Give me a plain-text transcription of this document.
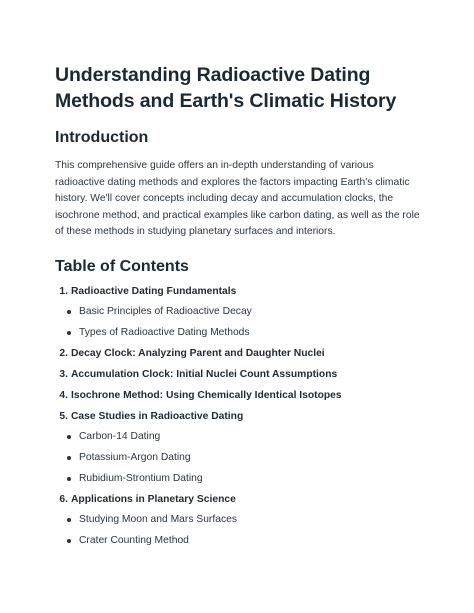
Understanding Radioactive Dating Methods and Earth's Climatic History
Introduction

This comprehensive guide offers an in-depth understanding of various radioactive dating methods and explores the factors impacting Earth's climatic history. We'll cover concepts including decay and accumulation clocks, the isochrone method, and practical examples like carbon dating, as well as the role of these methods in studying planetary surfaces and interiors.

Table of Contents
1. Radioactive Dating Fundamentals
Basic Principles of Radioactive Decay
Types of Radioactive Dating Methods
2. Decay Clock: Analyzing Parent and Daughter Nuclei
3. Accumulation Clock: Initial Nuclei Count Assumptions
4. Isochrone Method: Using Chemically Identical Isotopes
5. Case Studies in Radioactive Dating
Carbon-14 Dating
Potassium-Argon Dating
Rubidium-Strontium Dating
6. Applications in Planetary Science
Studying Moon and Mars Surfaces
Crater Counting Method
